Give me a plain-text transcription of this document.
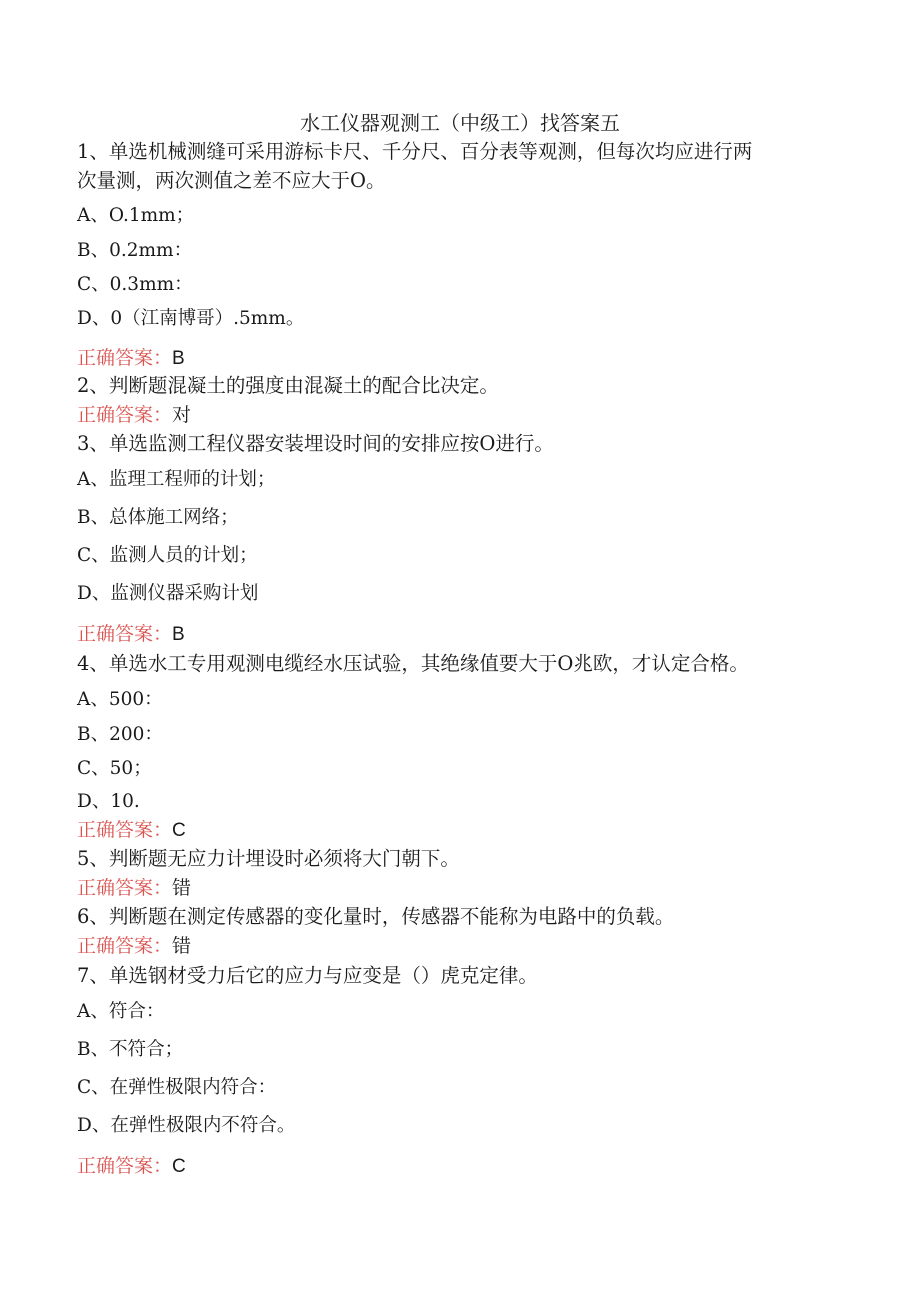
水工仪器观测工（中级工）找答案五
1、单选机械测缝可采用游标卡尺、千分尺、百分表等观测，但每次均应进行两
次量测，两次测值之差不应大于O。
A、O.1mm；
B、0.2mm：
C、0.3mm：
D、0（江南博哥）.5mm。
正确答案：B
2、判断题混凝土的强度由混凝土的配合比决定。
正确答案：对
3、单选监测工程仪器安装埋设时间的安排应按O进行。
A、监理工程师的计划；
B、总体施工网络；
C、监测人员的计划；
D、监测仪器采购计划
正确答案：B
4、单选水工专用观测电缆经水压试验，其绝缘值要大于O兆欧，才认定合格。
A、500：
B、200：
C、50；
D、10.
正确答案：C
5、判断题无应力计埋设时必须将大门朝下。
正确答案：错
6、判断题在测定传感器的变化量时，传感器不能称为电路中的负载。
正确答案：错
7、单选钢材受力后它的应力与应变是（）虎克定律。
A、符合：
B、不符合；
C、在弹性极限内符合：
D、在弹性极限内不符合。
正确答案：C
